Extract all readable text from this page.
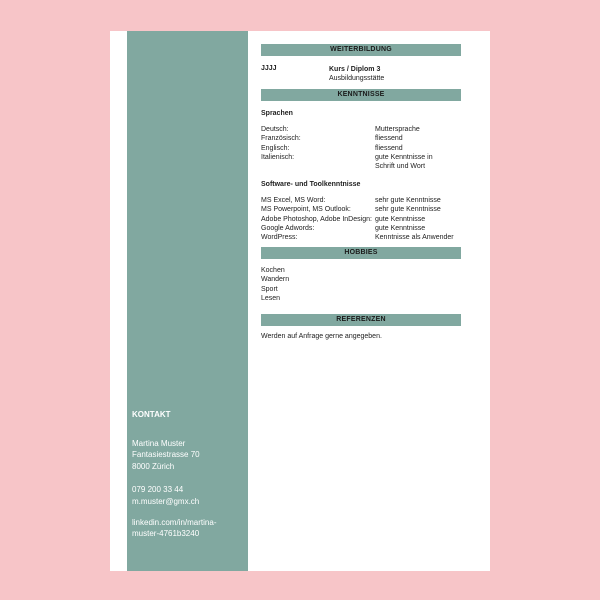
KONTAKT
Martina Muster
Fantasiestrasse 70
8000 Zürich
079 200 33 44
m.muster@gmx.ch
linkedin.com/in/martina-
muster-4761b3240
WEITERBILDUNG
JJJJ	Kurs / Diplom 3
Ausbildungsstätte
KENNTNISSE
Sprachen
Deutsch:	Muttersprache
Französisch:	fliessend
Englisch:	fliessend
Italienisch:	gute Kenntnisse in
Schrift und Wort
Software- und Toolkenntnisse
MS Excel, MS Word:	sehr gute Kenntnisse
MS Powerpoint, MS Outlook:	sehr gute Kenntnisse
Adobe Photoshop, Adobe InDesign: gute Kenntnisse
Google Adwords:	gute Kenntnisse
WordPress:	Kenntnisse als Anwender
HOBBIES
Kochen
Wandern
Sport
Lesen
REFERENZEN
Werden auf Anfrage gerne angegeben.
